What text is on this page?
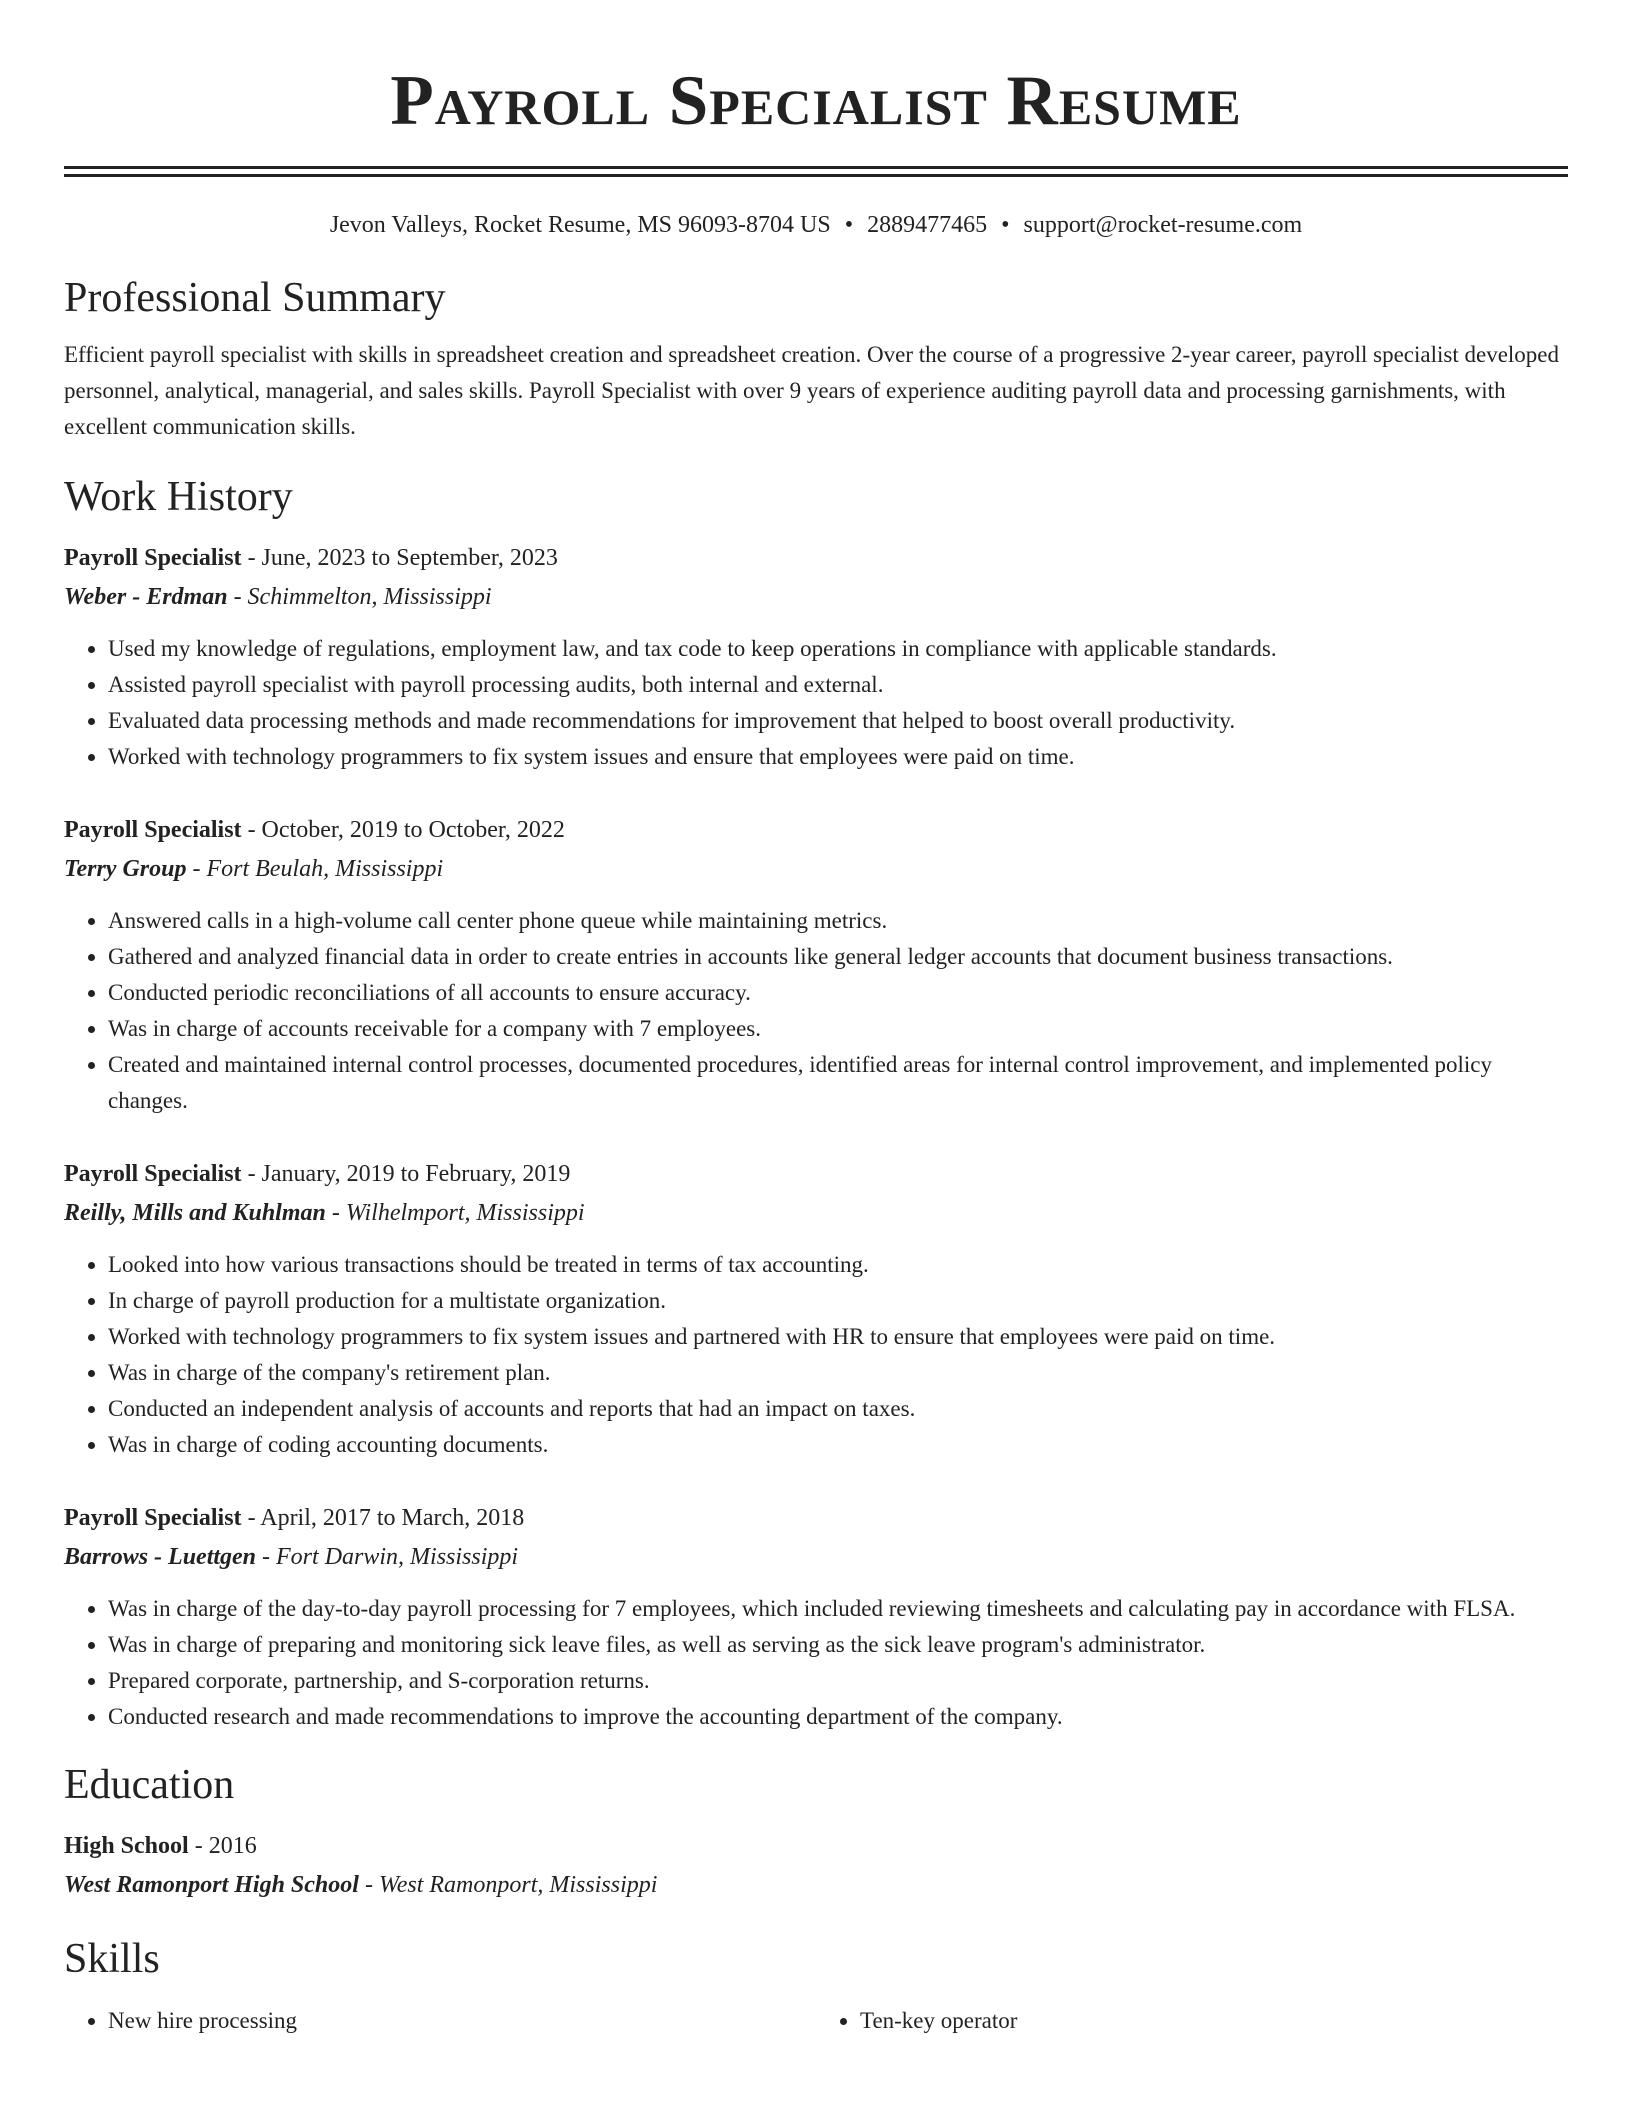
Payroll Specialist Resume
Jevon Valleys, Rocket Resume, MS 96093-8704 US • 2889477465 • support@rocket-resume.com
Professional Summary

Efficient payroll specialist with skills in spreadsheet creation and spreadsheet creation. Over the course of a progressive 2-year career, payroll specialist developed personnel, analytical, managerial, and sales skills. Payroll Specialist with over 9 years of experience auditing payroll data and processing garnishments, with excellent communication skills.

Work History
Payroll Specialist - June, 2023 to September, 2023
Weber - Erdman - Schimmelton, Mississippi
• Used my knowledge of regulations, employment law, and tax code to keep operations in compliance with applicable standards.
• Assisted payroll specialist with payroll processing audits, both internal and external.
• Evaluated data processing methods and made recommendations for improvement that helped to boost overall productivity.
• Worked with technology programmers to fix system issues and ensure that employees were paid on time.
Payroll Specialist - October, 2019 to October, 2022
Terry Group - Fort Beulah, Mississippi
• Answered calls in a high-volume call center phone queue while maintaining metrics.
• Gathered and analyzed financial data in order to create entries in accounts like general ledger accounts that document business transactions.
• Conducted periodic reconciliations of all accounts to ensure accuracy.
• Was in charge of accounts receivable for a company with 7 employees.
• Created and maintained internal control processes, documented procedures, identified areas for internal control improvement, and implemented policy changes.
Payroll Specialist - January, 2019 to February, 2019
Reilly, Mills and Kuhlman - Wilhelmport, Mississippi
• Looked into how various transactions should be treated in terms of tax accounting.
• In charge of payroll production for a multistate organization.
• Worked with technology programmers to fix system issues and partnered with HR to ensure that employees were paid on time.
• Was in charge of the company's retirement plan.
• Conducted an independent analysis of accounts and reports that had an impact on taxes.
• Was in charge of coding accounting documents.
Payroll Specialist - April, 2017 to March, 2018
Barrows - Luettgen - Fort Darwin, Mississippi
• Was in charge of the day-to-day payroll processing for 7 employees, which included reviewing timesheets and calculating pay in accordance with FLSA.
• Was in charge of preparing and monitoring sick leave files, as well as serving as the sick leave program's administrator.
• Prepared corporate, partnership, and S-corporation returns.
• Conducted research and made recommendations to improve the accounting department of the company.
Education
High School - 2016
West Ramonport High School - West Ramonport, Mississippi
Skills
• New hire processing
•	Ten-key operator
